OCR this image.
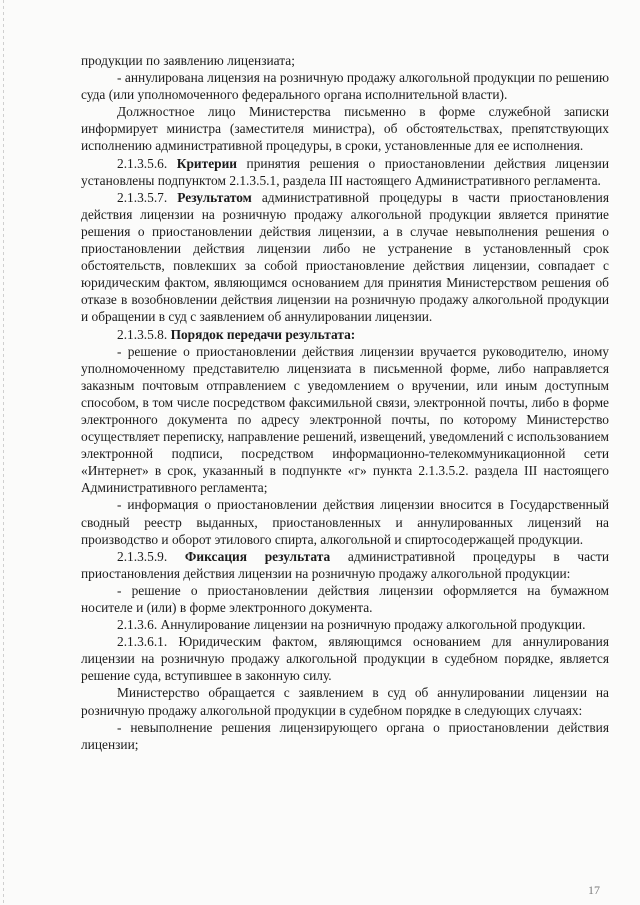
продукции по заявлению лицензиата;

- аннулирована лицензия на розничную продажу алкогольной продукции по решению суда (или уполномоченного федерального органа исполнительной власти).

Должностное лицо Министерства письменно в форме служебной записки информирует министра (заместителя министра), об обстоятельствах, препятствующих исполнению административной процедуры, в сроки, установленные для ее исполнения.

2.1.3.5.6. Критерии принятия решения о приостановлении действия лицензии установлены подпунктом 2.1.3.5.1, раздела III настоящего Административного регламента.

2.1.3.5.7. Результатом административной процедуры в части приостановления действия лицензии на розничную продажу алкогольной продукции является принятие решения о приостановлении действия лицензии, а в случае невыполнения решения о приостановлении действия лицензии либо не устранение в установленный срок обстоятельств, повлекших за собой приостановление действия лицензии, совпадает с юридическим фактом, являющимся основанием для принятия Министерством решения об отказе в возобновлении действия лицензии на розничную продажу алкогольной продукции и обращении в суд с заявлением об аннулировании лицензии.

2.1.3.5.8. Порядок передачи результата:

- решение о приостановлении действия лицензии вручается руководителю, иному уполномоченному представителю лицензиата в письменной форме, либо направляется заказным почтовым отправлением с уведомлением о вручении, или иным доступным способом, в том числе посредством факсимильной связи, электронной почты, либо в форме электронного документа по адресу электронной почты, по которому Министерство осуществляет переписку, направление решений, извещений, уведомлений с использованием электронной подписи, посредством информационно-телекоммуникационной сети «Интернет» в срок, указанный в подпункте «г» пункта 2.1.3.5.2. раздела III настоящего Административного регламента;

- информация о приостановлении действия лицензии вносится в Государственный сводный реестр выданных, приостановленных и аннулированных лицензий на производство и оборот этилового спирта, алкогольной и спиртосодержащей продукции.

2.1.3.5.9. Фиксация результата административной процедуры в части приостановления действия лицензии на розничную продажу алкогольной продукции:

- решение о приостановлении действия лицензии оформляется на бумажном носителе и (или) в форме электронного документа.

2.1.3.6. Аннулирование лицензии на розничную продажу алкогольной продукции.

2.1.3.6.1. Юридическим фактом, являющимся основанием для аннулирования лицензии на розничную продажу алкогольной продукции в судебном порядке, является решение суда, вступившее в законную силу.

Министерство обращается с заявлением в суд об аннулировании лицензии на розничную продажу алкогольной продукции в судебном порядке в следующих случаях:

- невыполнение решения лицензирующего органа о приостановлении действия лицензии;

17
